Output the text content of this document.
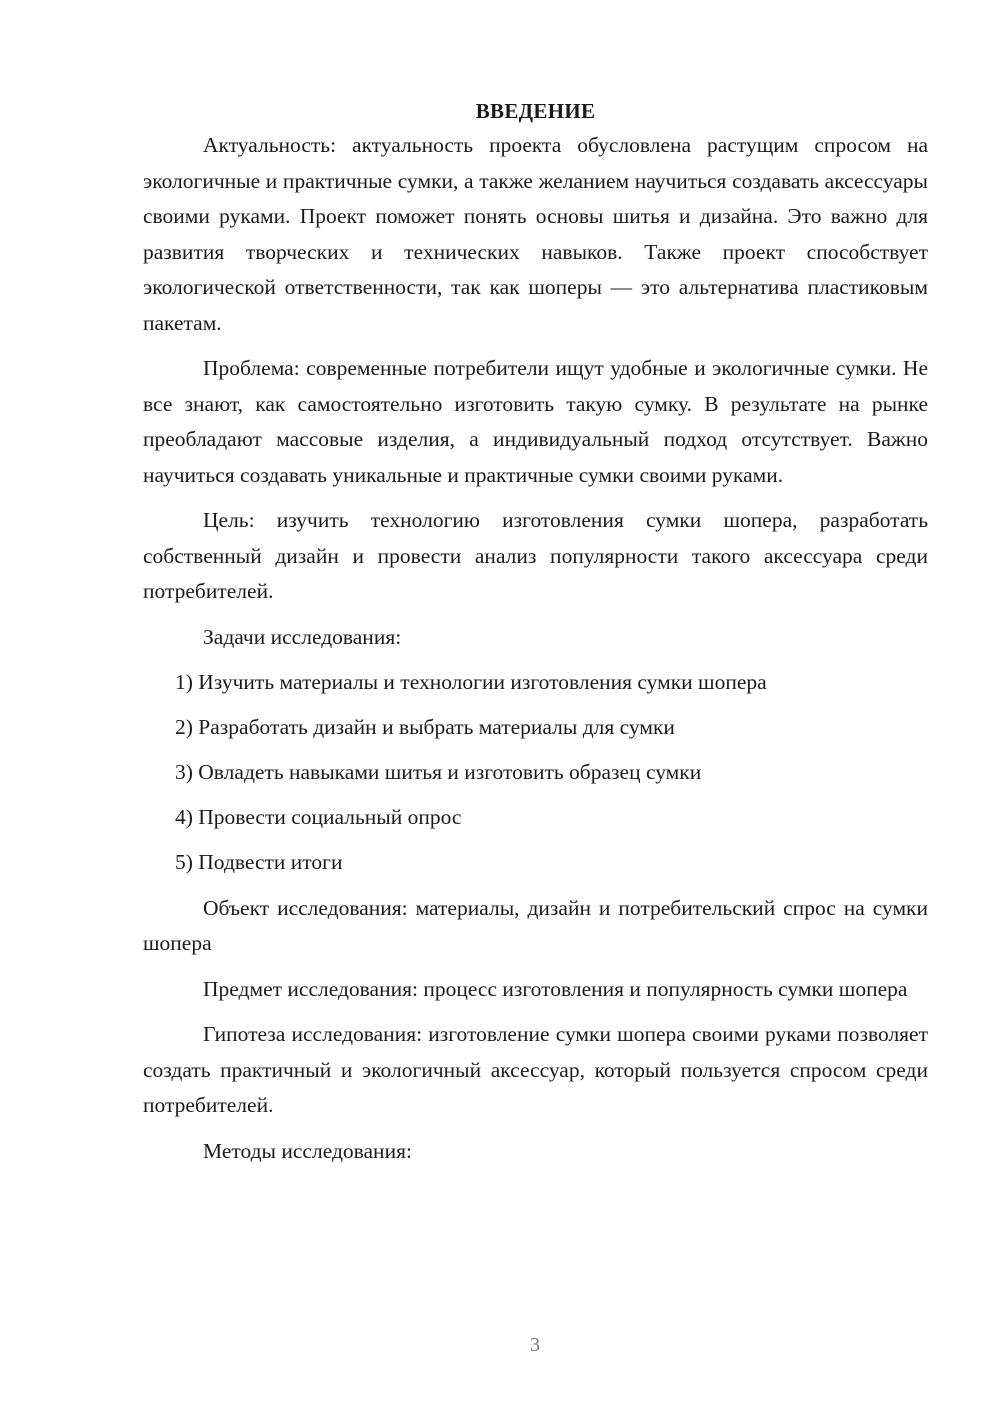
ВВЕДЕНИЕ

Актуальность: актуальность проекта обусловлена растущим спросом на экологичные и практичные сумки, а также желанием научиться создавать аксессуары своими руками. Проект поможет понять основы шитья и дизайна. Это важно для развития творческих и технических навыков. Также проект способствует экологической ответственности, так как шоперы — это альтернатива пластиковым пакетам.

Проблема: современные потребители ищут удобные и экологичные сумки. Не все знают, как самостоятельно изготовить такую сумку. В результате на рынке преобладают массовые изделия, а индивидуальный подход отсутствует. Важно научиться создавать уникальные и практичные сумки своими руками.

Цель: изучить технологию изготовления сумки шопера, разработать собственный дизайн и провести анализ популярности такого аксессуара среди потребителей.

Задачи исследования:

1) Изучить материалы и технологии изготовления сумки шопера
2) Разработать дизайн и выбрать материалы для сумки
3) Овладеть навыками шитья и изготовить образец сумки
4) Провести социальный опрос
5) Подвести итоги

Объект исследования: материалы, дизайн и потребительский спрос на сумки шопера

Предмет исследования: процесс изготовления и популярность сумки шопера

Гипотеза исследования: изготовление сумки шопера своими руками позволяет создать практичный и экологичный аксессуар, который пользуется спросом среди потребителей.

Методы исследования:

3
